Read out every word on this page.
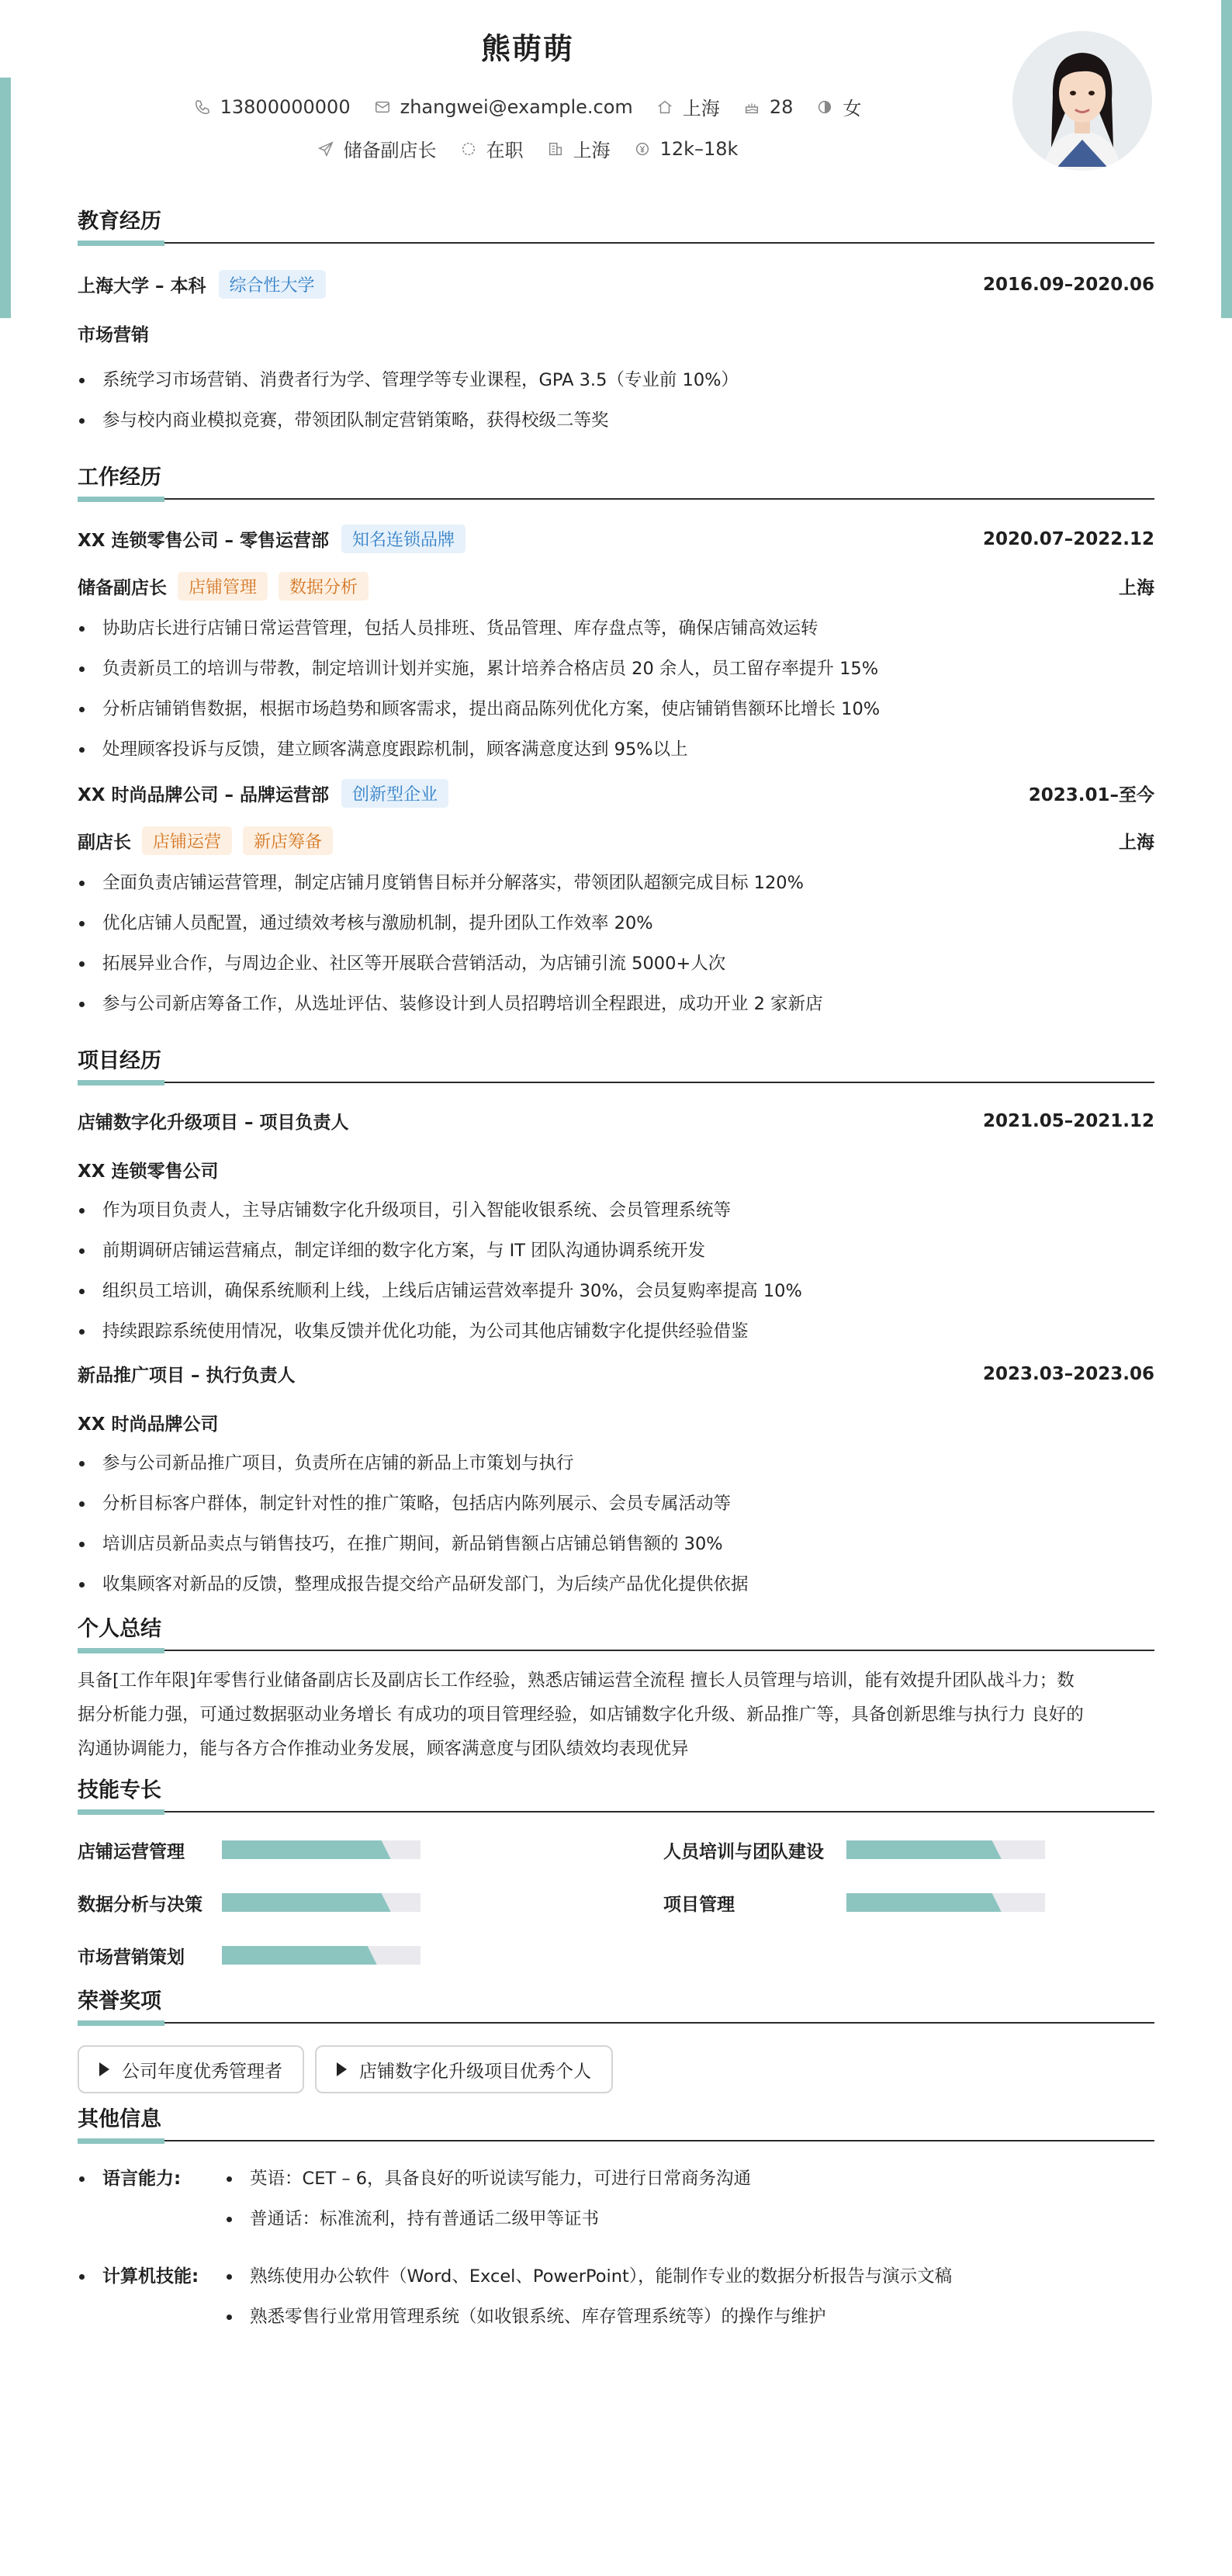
熊萌萌
13800000000	zhangwei@example.com	上海	28	女
储备副店长	在职	上海	12k–18k
教育经历
上海大学 – 本科	综合性大学	2016.09–2020.06
市场营销
系统学习市场营销、消费者行为学、管理学等专业课程，GPA 3.5（专业前 10%）
参与校内商业模拟竞赛，带领团队制定营销策略，获得校级二等奖
工作经历
XX 连锁零售公司 – 零售运营部	知名连锁品牌	2020.07–2022.12
储备副店长	店铺管理	数据分析	上海
协助店长进行店铺日常运营管理，包括人员排班、货品管理、库存盘点等，确保店铺高效运转
负责新员工的培训与带教，制定培训计划并实施，累计培养合格店员 20 余人，员工留存率提升 15%
分析店铺销售数据，根据市场趋势和顾客需求，提出商品陈列优化方案，使店铺销售额环比增长 10%
处理顾客投诉与反馈，建立顾客满意度跟踪机制，顾客满意度达到 95%以上
XX 时尚品牌公司 – 品牌运营部	创新型企业	2023.01–至今
副店长	店铺运营	新店筹备	上海
全面负责店铺运营管理，制定店铺月度销售目标并分解落实，带领团队超额完成目标 120%
优化店铺人员配置，通过绩效考核与激励机制，提升团队工作效率 20%
拓展异业合作，与周边企业、社区等开展联合营销活动，为店铺引流 5000+人次
参与公司新店筹备工作，从选址评估、装修设计到人员招聘培训全程跟进，成功开业 2 家新店
项目经历
店铺数字化升级项目 – 项目负责人	2021.05–2021.12
XX 连锁零售公司
作为项目负责人，主导店铺数字化升级项目，引入智能收银系统、会员管理系统等
前期调研店铺运营痛点，制定详细的数字化方案，与 IT 团队沟通协调系统开发
组织员工培训，确保系统顺利上线，上线后店铺运营效率提升 30%，会员复购率提高 10%
持续跟踪系统使用情况，收集反馈并优化功能，为公司其他店铺数字化提供经验借鉴
新品推广项目 – 执行负责人	2023.03–2023.06
XX 时尚品牌公司
参与公司新品推广项目，负责所在店铺的新品上市策划与执行
分析目标客户群体，制定针对性的推广策略，包括店内陈列展示、会员专属活动等
培训店员新品卖点与销售技巧，在推广期间，新品销售额占店铺总销售额的 30%
收集顾客对新品的反馈，整理成报告提交给产品研发部门，为后续产品优化提供依据
个人总结
具备[工作年限]年零售行业储备副店长及副店长工作经验，熟悉店铺运营全流程 擅长人员管理与培训，能有效提升团队战斗力；数
据分析能力强，可通过数据驱动业务增长 有成功的项目管理经验，如店铺数字化升级、新品推广等，具备创新思维与执行力 良好的
沟通协调能力，能与各方合作推动业务发展，顾客满意度与团队绩效均表现优异
技能专长
店铺运营管理	人员培训与团队建设
数据分析与决策	项目管理
市场营销策划
荣誉奖项
公司年度优秀管理者	店铺数字化升级项目优秀个人
其他信息
语言能力:	英语：CET – 6，具备良好的听说读写能力，可进行日常商务沟通
普通话：标准流利，持有普通话二级甲等证书
计算机技能:	熟练使用办公软件（Word、Excel、PowerPoint），能制作专业的数据分析报告与演示文稿
熟悉零售行业常用管理系统（如收银系统、库存管理系统等）的操作与维护
